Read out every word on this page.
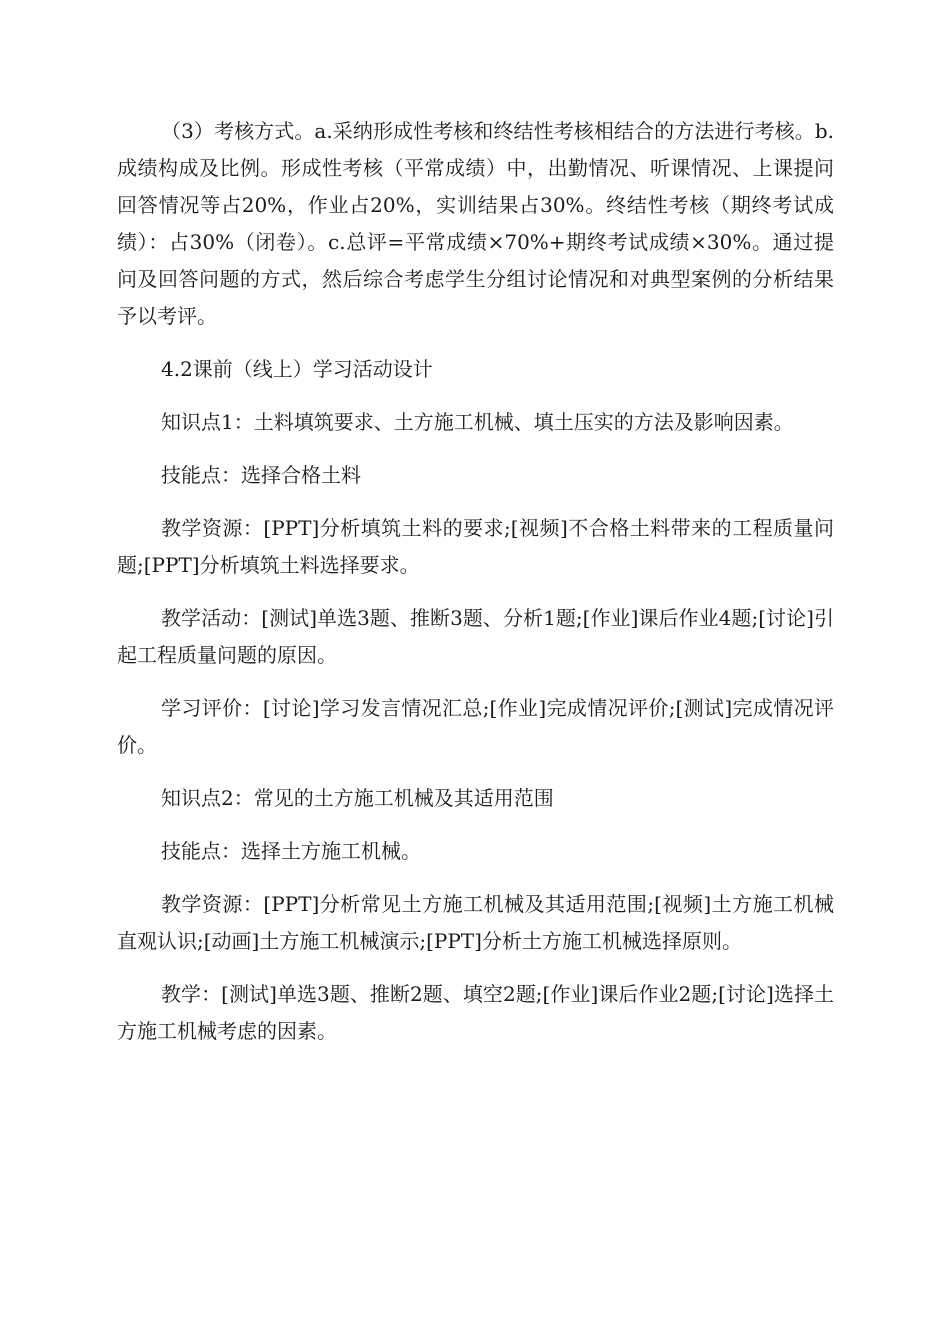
（3）考核方式。a.采纳形成性考核和终结性考核相结合的方法进行考核。b.成绩构成及比例。形成性考核（平常成绩）中，出勤情况、听课情况、上课提问回答情况等占20%，作业占20%，实训结果占30%。终结性考核（期终考试成绩）：占30%（闭卷）。c.总评=平常成绩×70%+期终考试成绩×30%。通过提问及回答问题的方式，然后综合考虑学生分组讨论情况和对典型案例的分析结果予以考评。

4.2课前（线上）学习活动设计

知识点1：土料填筑要求、土方施工机械、填土压实的方法及影响因素。

技能点：选择合格土料

教学资源：[PPT]分析填筑土料的要求;[视频]不合格土料带来的工程质量问题;[PPT]分析填筑土料选择要求。

教学活动：[测试]单选3题、推断3题、分析1题;[作业]课后作业4题;[讨论]引起工程质量问题的原因。

学习评价：[讨论]学习发言情况汇总;[作业]完成情况评价;[测试]完成情况评价。

知识点2：常见的土方施工机械及其适用范围

技能点：选择土方施工机械。

教学资源：[PPT]分析常见土方施工机械及其适用范围;[视频]土方施工机械直观认识;[动画]土方施工机械演示;[PPT]分析土方施工机械选择原则。

教学：[测试]单选3题、推断2题、填空2题;[作业]课后作业2题;[讨论]选择土方施工机械考虑的因素。
